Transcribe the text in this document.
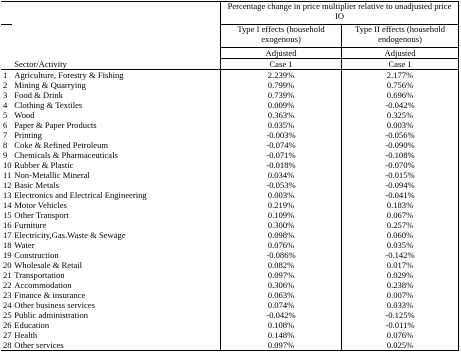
		Percentage change in price multiplier relative to unadjusted price IO	
		Type I effects (household exogenous)	Type II effects (household endogenous)
		Adjusted	Adjusted
	Sector/Activity	Case 1	Case 1
1	Agriculture, Forestry & Fishing	2.239%	2.177%
2	Mining & Quarrying	0.799%	0.756%
3	Food & Drink	0.739%	0.696%
4	Clothing & Textiles	0.009%	-0.042%
5	Wood	0.363%	0.325%
6	Paper & Paper Products	0.035%	0.003%
7	Printing	-0.003%	-0.056%
8	Coke & Refined Petroleum	-0.074%	-0.090%
9	Chemicals & Pharmaceuticals	-0.071%	-0.108%
10	Rubber & Plastic	-0.018%	-0.070%
11	Non-Metallic Mineral	0.034%	-0.015%
12	Basic Metals	-0.053%	-0.094%
13	Electronics and Electrical Engineering	0.003%	-0.041%
14	Motor Vehicles	0.219%	0.183%
15	Other Transport	0.109%	0.067%
16	Furniture	0.300%	0.257%
17	Electricity,Gas.Waste & Sewage	0.098%	0.060%
18	Water	0.076%	0.035%
19	Construction	-0.086%	-0.142%
20	Wholesale & Retail	0.082%	0.017%
21	Transportation	0.097%	0.029%
22	Accommodation	0.306%	0.238%
23	Finance & insurance	0.063%	0.007%
24	Other business services	0.074%	0.033%
25	Public administration	-0.042%	-0.125%
26	Education	0.108%	-0.011%
27	Health	0.148%	0.076%
28	Other services	0.097%	0.025%
